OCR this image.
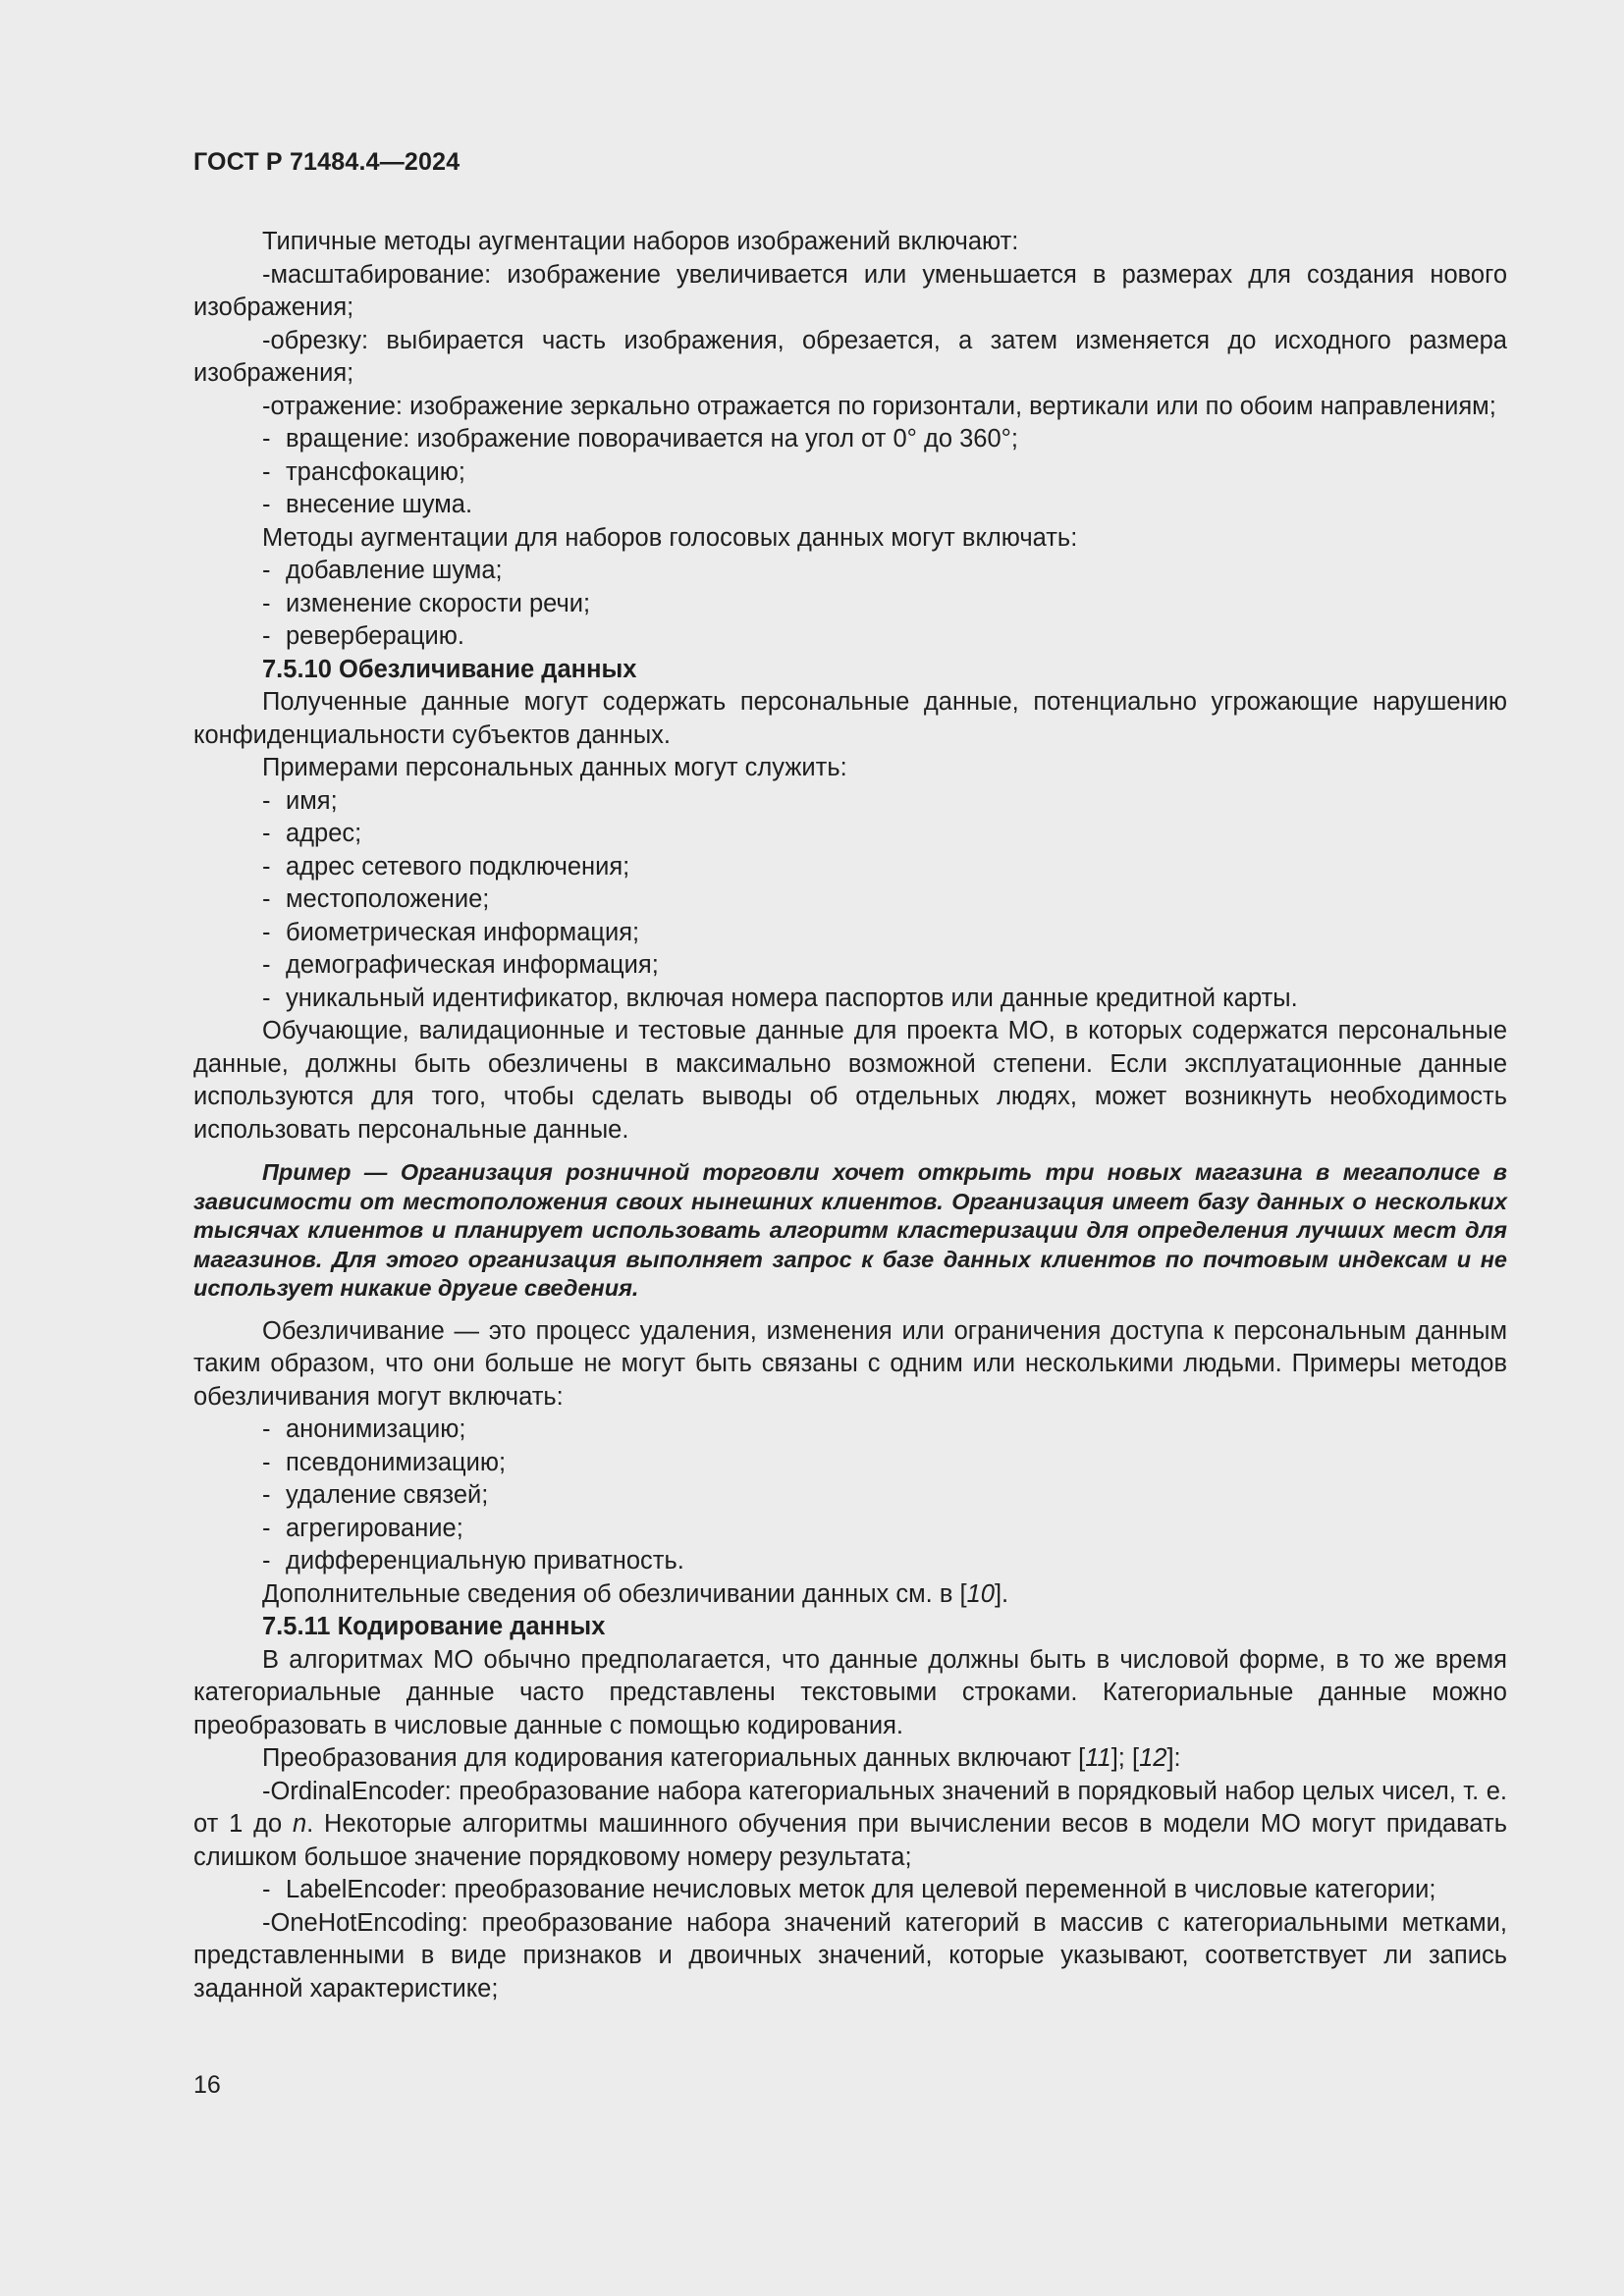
ГОСТ Р 71484.4—2024

Типичные методы аугментации наборов изображений включают:

-масштабирование: изображение увеличивается или уменьшается в размерах для создания нового изображения;

-обрезку: выбирается часть изображения, обрезается, а затем изменяется до исходного размера изображения;

-отражение: изображение зеркально отражается по горизонтали, вертикали или по обоим направлениям;

- вращение: изображение поворачивается на угол от 0° до 360°;

- трансфокацию;

- внесение шума.

Методы аугментации для наборов голосовых данных могут включать:

- добавление шума;

- изменение скорости речи;

- реверберацию.

7.5.10 Обезличивание данных

Полученные данные могут содержать персональные данные, потенциально угрожающие нарушению конфиденциальности субъектов данных.

Примерами персональных данных могут служить:

- имя;

- адрес;

- адрес сетевого подключения;

- местоположение;

- биометрическая информация;

- демографическая информация;

- уникальный идентификатор, включая номера паспортов или данные кредитной карты.

Обучающие, валидационные и тестовые данные для проекта МО, в которых содержатся персональные данные, должны быть обезличены в максимально возможной степени. Если эксплуатационные данные используются для того, чтобы сделать выводы об отдельных людях, может возникнуть необходимость использовать персональные данные.

Пример — Организация розничной торговли хочет открыть три новых магазина в мегаполисе в зависимости от местоположения своих нынешних клиентов. Организация имеет базу данных о нескольких тысячах клиентов и планирует использовать алгоритм кластеризации для определения лучших мест для магазинов. Для этого организация выполняет запрос к базе данных клиентов по почтовым индексам и не использует никакие другие сведения.

Обезличивание — это процесс удаления, изменения или ограничения доступа к персональным данным таким образом, что они больше не могут быть связаны с одним или несколькими людьми. Примеры методов обезличивания могут включать:

- анонимизацию;

- псевдонимизацию;

- удаление связей;

- агрегирование;

- дифференциальную приватность.

Дополнительные сведения об обезличивании данных см. в [10].

7.5.11 Кодирование данных

В алгоритмах МО обычно предполагается, что данные должны быть в числовой форме, в то же время категориальные данные часто представлены текстовыми строками. Категориальные данные можно преобразовать в числовые данные с помощью кодирования.

Преобразования для кодирования категориальных данных включают [11]; [12]:

-OrdinalEncoder: преобразование набора категориальных значений в порядковый набор целых чисел, т. е. от 1 до n. Некоторые алгоритмы машинного обучения при вычислении весов в модели МО могут придавать слишком большое значение порядковому номеру результата;

- LabelEncoder: преобразование нечисловых меток для целевой переменной в числовые категории;

-OneHotEncoding: преобразование набора значений категорий в массив с категориальными метками, представленными в виде признаков и двоичных значений, которые указывают, соответствует ли запись заданной характеристике;

16
